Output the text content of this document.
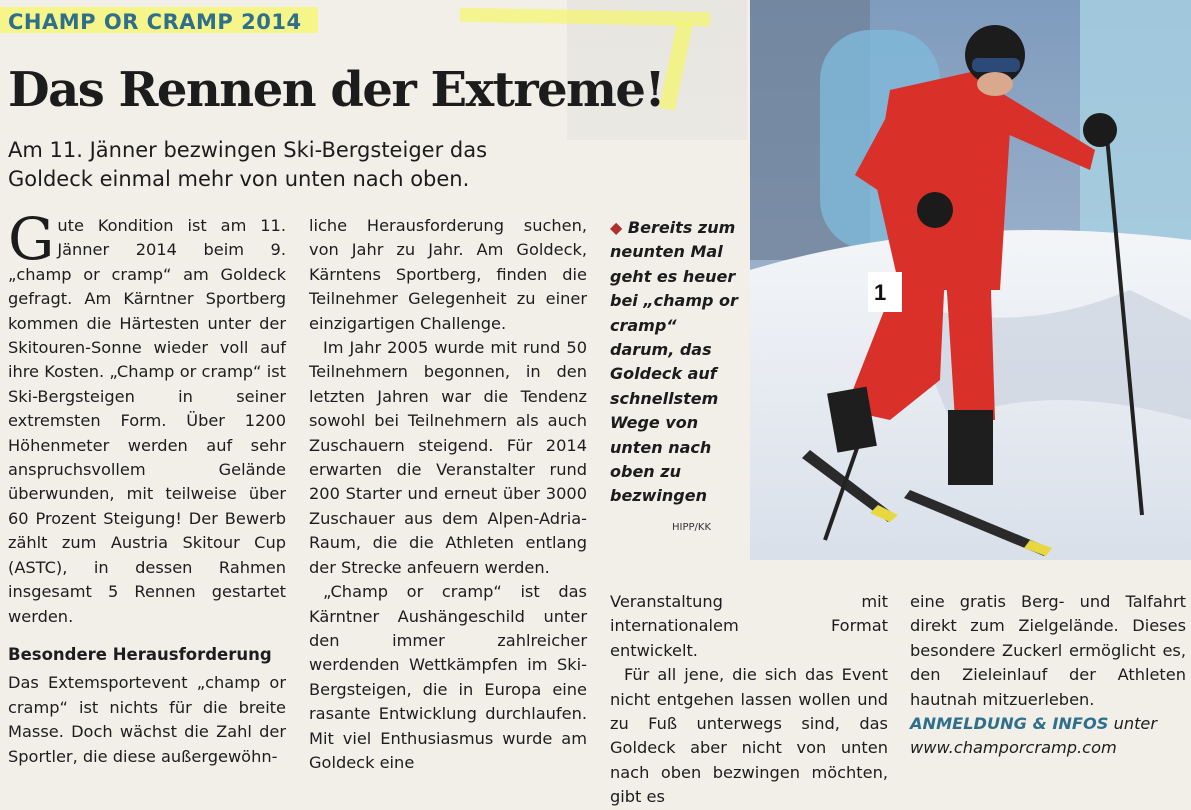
CHAMP OR CRAMP 2014
Das Rennen der Extreme!
Am 11. Jänner bezwingen Ski-Bergsteiger das Goldeck einmal mehr von unten nach oben.

Gute Kondition ist am 11. Jänner 2014 beim 9. „champ or cramp“ am Goldeck gefragt. Am Kärntner Sportberg kommen die Härtesten unter der Skitouren-Sonne wieder voll auf ihre Kosten. „Champ or cramp“ ist Ski-Bergsteigen in seiner extremsten Form. Über 1200 Höhenmeter werden auf sehr anspruchsvollem Gelände überwunden, mit teilweise über 60 Prozent Steigung! Der Bewerb zählt zum Austria Skitour Cup (ASTC), in dessen Rahmen insgesamt 5 Rennen gestartet werden.

Besondere Herausforderung

Das Extemsportevent „champ or cramp“ ist nichts für die breite Masse. Doch wächst die Zahl der Sportler, die diese außergewöhn-

liche Herausforderung suchen, von Jahr zu Jahr. Am Goldeck, Kärntens Sportberg, finden die Teilnehmer Gelegenheit zu einer einzigartigen Challenge.

Im Jahr 2005 wurde mit rund 50 Teilnehmern begonnen, in den letzten Jahren war die Tendenz sowohl bei Teilnehmern als auch Zuschauern steigend. Für 2014 erwarten die Veranstalter rund 200 Starter und erneut über 3000 Zuschauer aus dem Alpen-Adria-Raum, die die Athleten entlang der Strecke anfeuern werden.

„Champ or cramp“ ist das Kärntner Aushängeschild unter den immer zahlreicher werdenden Wettkämpfen im Ski-Bergsteigen, die in Europa eine rasante Entwicklung durchlaufen. Mit viel Enthusiasmus wurde am Goldeck eine

◆ Bereits zum neunten Mal geht es heuer bei „champ or cramp“ darum, das Goldeck auf schnellstem Wege von unten nach oben zu bezwingen
HIPP/KK

Veranstaltung mit internationalem Format entwickelt.

Für all jene, die sich das Event nicht entgehen lassen wollen und zu Fuß unterwegs sind, das Goldeck aber nicht von unten nach oben bezwingen möchten, gibt es

eine gratis Berg- und Talfahrt direkt zum Zielgelände. Dieses besondere Zuckerl ermöglicht es, den Zieleinlauf der Athleten hautnah mitzuerleben.

ANMELDUNG & INFOS unter

www.champorcramp.com

1
